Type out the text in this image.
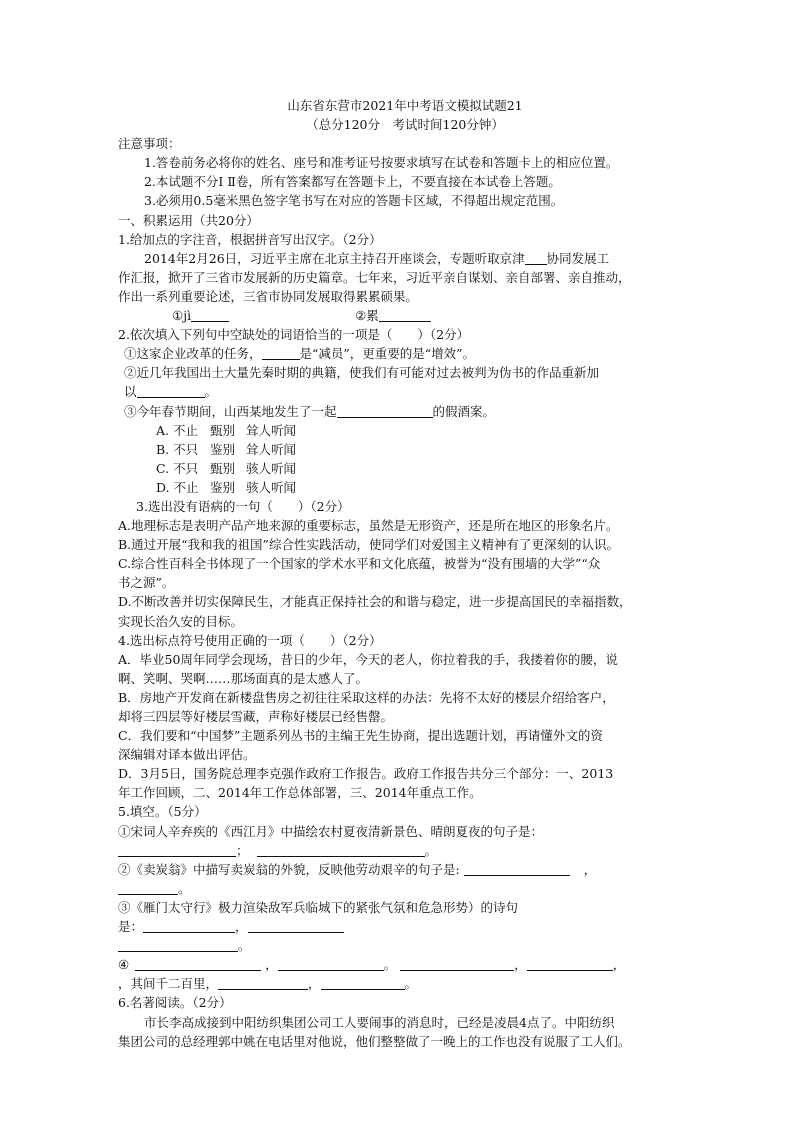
山东省东营市2021年中考语文模拟试题21
（总分120分　考试时间120分钟）
注意事项：
1.答卷前务必将你的姓名、座号和准考证号按要求填写在试卷和答题卡上的相应位置。
2.本试题不分Ⅰ Ⅱ卷，所有答案都写在答题卡上，不要直接在本试卷上答题。
3.必须用0.5毫米黑色签字笔书写在对应的答题卡区域，不得超出规定范围。
一、积累运用（共20分）
1.给加点的字注音，根据拼音写出汉字。（2分）
2014年2月26日，习近平主席在北京主持召开座谈会，专题听取京津 协同发展工
作汇报，掀开了三省市发展新的历史篇章。七年来，习近平亲自谋划、亲自部署、亲自推动，
作出一系列重要论述，三省市协同发展取得累累硕果。
①jì	②累
2.依次填入下列句中空缺处的词语恰当的一项是（　　）（2分）
①这家企业改革的任务，	是“减员”，更重要的是“增效”。
②近几年我国出土大量先秦时期的典籍，使我们有可能对过去被判为伪书的作品重新加
以	。
③今年春节期间，山西某地发生了一起	的假酒案。
A. 不止 甄别 耸人听闻
B. 不只 鉴别 耸人听闻
C. 不只 甄别 骇人听闻
D. 不止 鉴别 骇人听闻
3.选出没有语病的一句（　　）（2分）
A.地理标志是表明产品产地来源的重要标志，虽然是无形资产，还是所在地区的形象名片。
B.通过开展“我和我的祖国”综合性实践活动，使同学们对爱国主义精神有了更深刻的认识。
C.综合性百科全书体现了一个国家的学术水平和文化底蕴，被誉为“没有围墙的大学”“众
书之源”。
D.不断改善并切实保障民生，才能真正保持社会的和谐与稳定，进一步提高国民的幸福指数，
实现长治久安的目标。
4.选出标点符号使用正确的一项（　　）（2分）
A．毕业50周年同学会现场，昔日的少年，今天的老人，你拉着我的手，我搂着你的腰，说
啊、笑啊、哭啊……那场面真的是太感人了。
B．房地产开发商在新楼盘售房之初往往采取这样的办法：先将不太好的楼层介绍给客户，
却将三四层等好楼层雪藏，声称好楼层已经售罄。
C．我们要和“中国梦”主题系列丛书的主编王先生协商，提出选题计划，再请懂外文的资
深编辑对译本做出评估。
D．3月5日，国务院总理李克强作政府工作报告。政府工作报告共分三个部分：一、2013
年工作回顾，二、2014年工作总体部署，三、2014年重点工作。
5.填空。（5分）
①宋词人辛弃疾的《西江月》中描绘农村夏夜清新景色、晴朗夏夜的句子是：
；	。
②《卖炭翁》中描写卖炭翁的外貌，反映他劳动艰辛的句子是:	，
。
③《雁门太守行》极力渲染敌军兵临城下的紧张气氛和危急形势）的诗句
是：	，
。
④	，	。	，	，
，其间千二百里，	，	。
6.名著阅读。（2分）
市长李高成接到中阳纺织集团公司工人要闹事的消息时，已经是凌晨4点了。中阳纺织
集团公司的总经理郭中姚在电话里对他说，他们整整做了一晚上的工作也没有说服了工人们。
